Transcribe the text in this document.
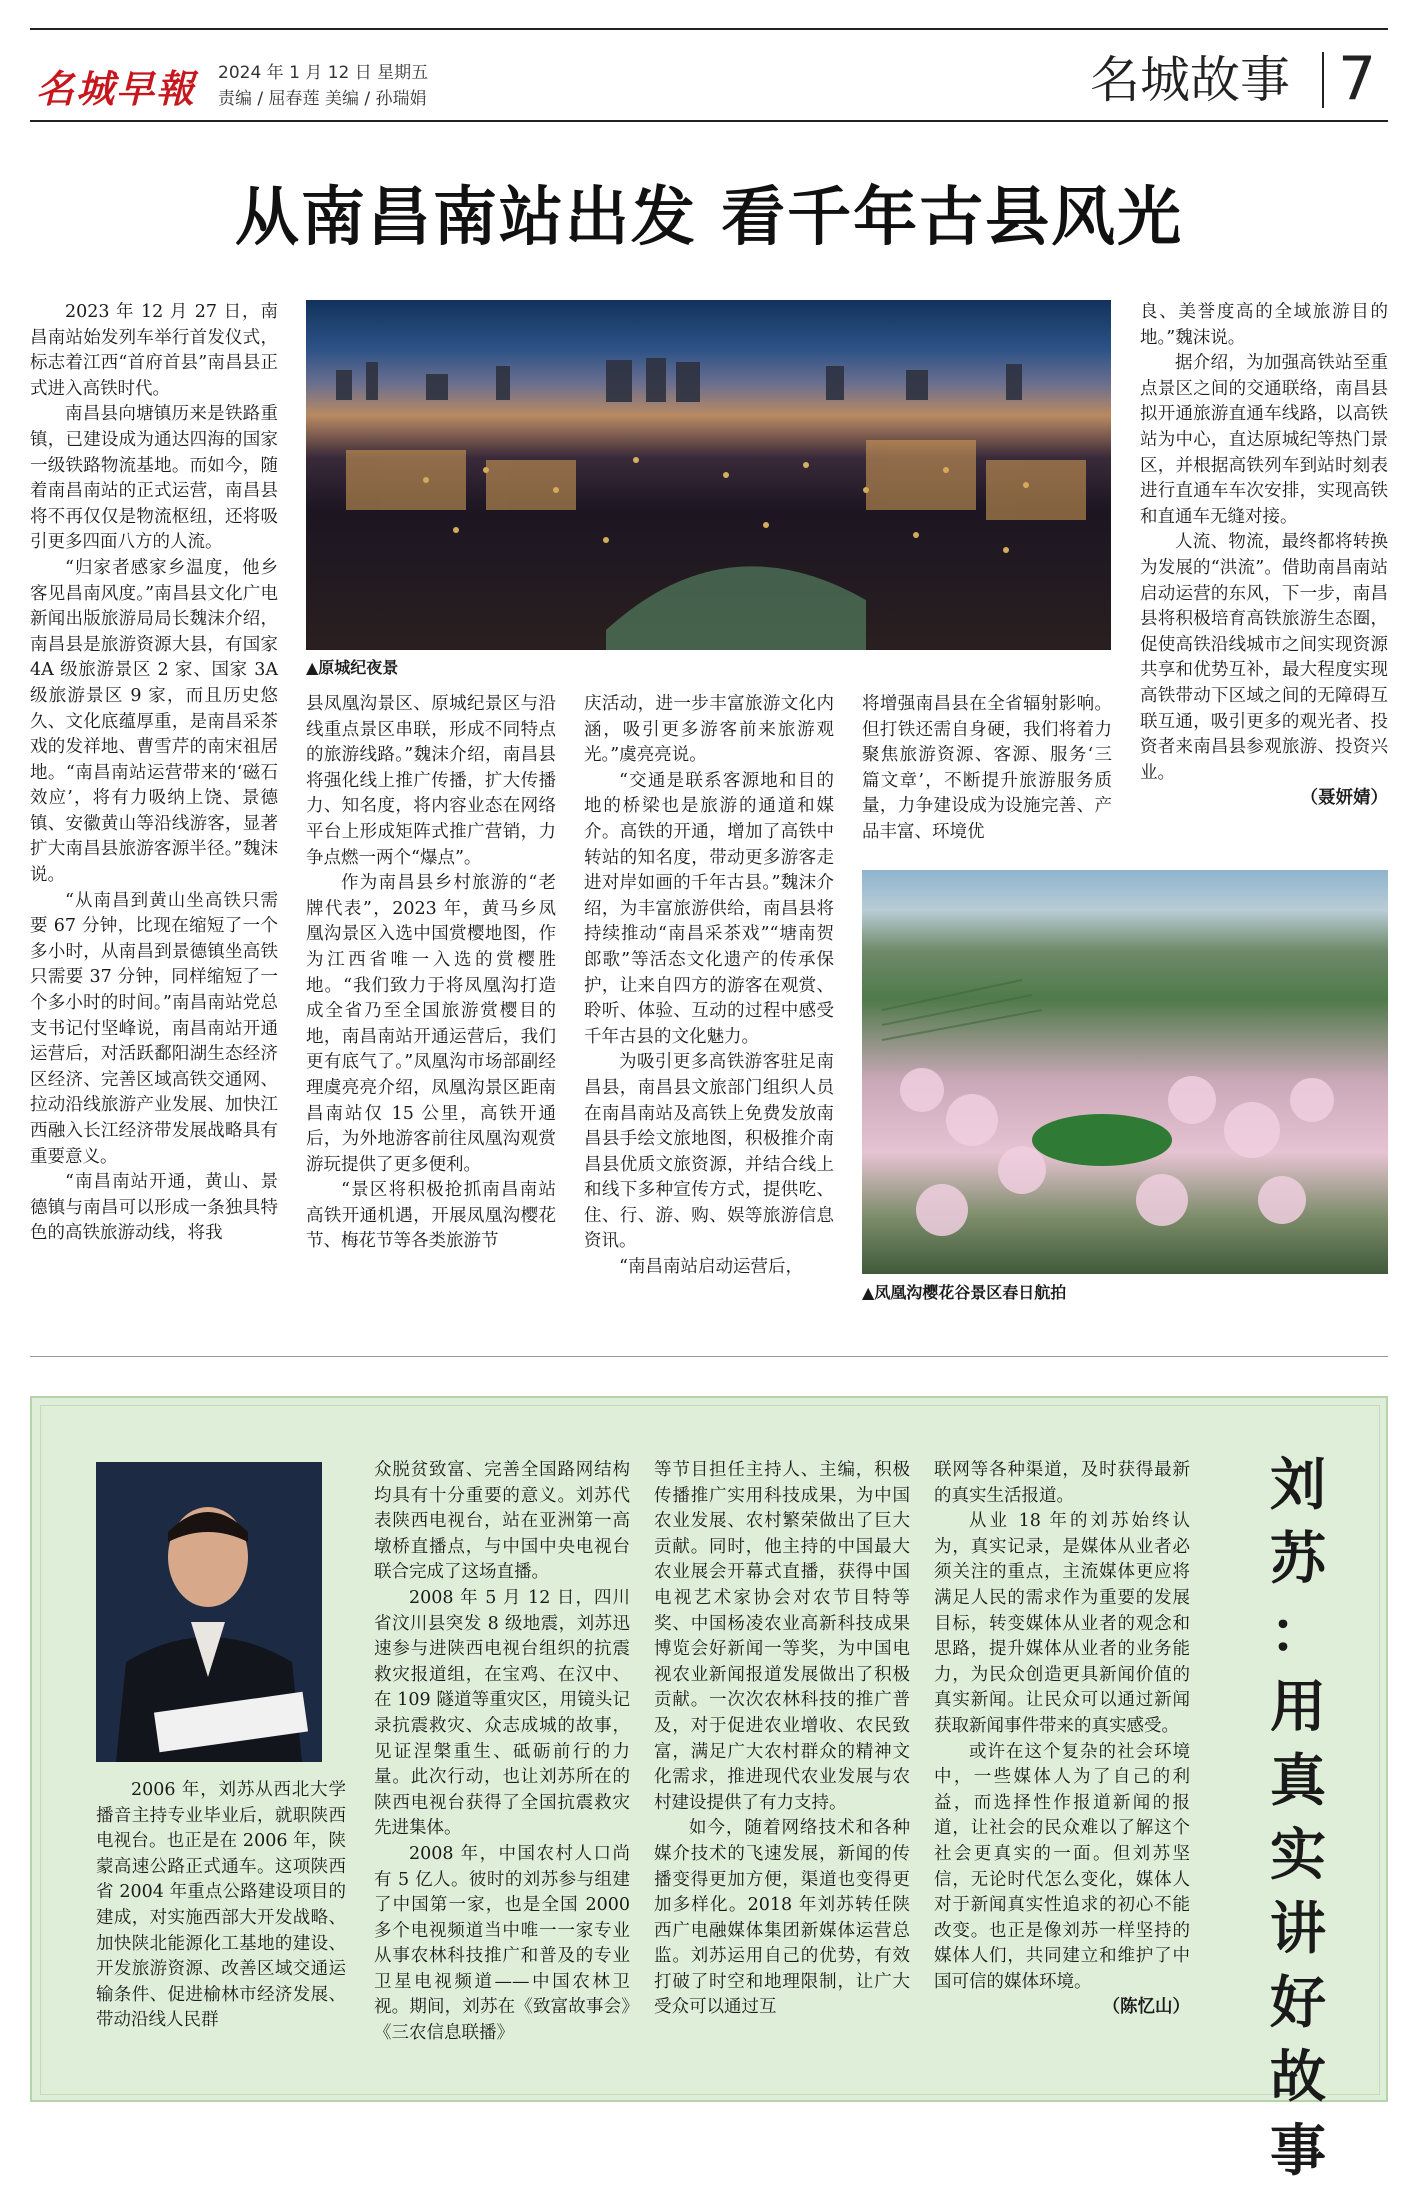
名城早報 2024 年 1 月 12 日 星期五
责编 / 屈春莲 美编 / 孙瑞娟	名城故事 7
从南昌南站出发 看千年古县风光

2023 年 12 月 27 日，南昌南站始发列车举行首发仪式，标志着江西“首府首县”南昌县正式进入高铁时代。

南昌县向塘镇历来是铁路重镇，已建设成为通达四海的国家一级铁路物流基地。而如今，随着南昌南站的正式运营，南昌县将不再仅仅是物流枢纽，还将吸引更多四面八方的人流。

“归家者感家乡温度，他乡客见昌南风度。”南昌县文化广电新闻出版旅游局局长魏沫介绍，南昌县是旅游资源大县，有国家 4A 级旅游景区 2 家、国家 3A 级旅游景区 9 家，而且历史悠久、文化底蕴厚重，是南昌采茶戏的发祥地、曹雪芹的南宋祖居地。“南昌南站运营带来的‘磁石效应’，将有力吸纳上饶、景德镇、安徽黄山等沿线游客，显著扩大南昌县旅游客源半径。”魏沫说。

“从南昌到黄山坐高铁只需要 67 分钟，比现在缩短了一个多小时，从南昌到景德镇坐高铁只需要 37 分钟，同样缩短了一个多小时的时间。”南昌南站党总支书记付坚峰说，南昌南站开通运营后，对活跃鄱阳湖生态经济区经济、完善区域高铁交通网、拉动沿线旅游产业发展、加快江西融入长江经济带发展战略具有重要意义。

“南昌南站开通，黄山、景德镇与南昌可以形成一条独具特色的高铁旅游动线，将我

▲原城纪夜景

县凤凰沟景区、原城纪景区与沿线重点景区串联，形成不同特点的旅游线路。”魏沫介绍，南昌县将强化线上推广传播，扩大传播力、知名度，将内容业态在网络平台上形成矩阵式推广营销，力争点燃一两个“爆点”。

作为南昌县乡村旅游的“老牌代表”，2023 年，黄马乡凤凰沟景区入选中国赏樱地图，作为江西省唯一入选的赏樱胜地。“我们致力于将凤凰沟打造成全省乃至全国旅游赏樱目的地，南昌南站开通运营后，我们更有底气了。”凤凰沟市场部副经理虞亮亮介绍，凤凰沟景区距南昌南站仅 15 公里，高铁开通后，为外地游客前往凤凰沟观赏游玩提供了更多便利。

“景区将积极抢抓南昌南站高铁开通机遇，开展凤凰沟樱花节、梅花节等各类旅游节

庆活动，进一步丰富旅游文化内涵，吸引更多游客前来旅游观光。”虞亮亮说。

“交通是联系客源地和目的地的桥梁也是旅游的通道和媒介。高铁的开通，增加了高铁中转站的知名度，带动更多游客走进对岸如画的千年古县。”魏沫介绍，为丰富旅游供给，南昌县将持续推动“南昌采茶戏”“塘南贺郎歌”等活态文化遗产的传承保护，让来自四方的游客在观赏、聆听、体验、互动的过程中感受千年古县的文化魅力。

为吸引更多高铁游客驻足南昌县，南昌县文旅部门组织人员在南昌南站及高铁上免费发放南昌县手绘文旅地图，积极推介南昌县优质文旅资源，并结合线上和线下多种宣传方式，提供吃、住、行、游、购、娱等旅游信息资讯。

“南昌南站启动运营后，

将增强南昌县在全省辐射影响。但打铁还需自身硬，我们将着力聚焦旅游资源、客源、服务‘三篇文章’，不断提升旅游服务质量，力争建设成为设施完善、产品丰富、环境优

良、美誉度高的全域旅游目的地。”魏沫说。

据介绍，为加强高铁站至重点景区之间的交通联络，南昌县拟开通旅游直通车线路，以高铁站为中心，直达原城纪等热门景区，并根据高铁列车到站时刻表进行直通车车次安排，实现高铁和直通车无缝对接。

人流、物流，最终都将转换为发展的“洪流”。借助南昌南站启动运营的东风，下一步，南昌县将积极培育高铁旅游生态圈，促使高铁沿线城市之间实现资源共享和优势互补，最大程度实现高铁带动下区域之间的无障碍互联互通，吸引更多的观光者、投资者来南昌县参观旅游、投资兴业。

（聂妍婧）

▲凤凰沟樱花谷景区春日航拍

2006 年，刘苏从西北大学播音主持专业毕业后，就职陕西电视台。也正是在 2006 年，陕蒙高速公路正式通车。这项陕西省 2004 年重点公路建设项目的建成，对实施西部大开发战略、加快陕北能源化工基地的建设、开发旅游资源、改善区域交通运输条件、促进榆林市经济发展、带动沿线人民群

众脱贫致富、完善全国路网结构均具有十分重要的意义。刘苏代表陕西电视台，站在亚洲第一高墩桥直播点，与中国中央电视台联合完成了这场直播。

2008 年 5 月 12 日，四川省汶川县突发 8 级地震，刘苏迅速参与进陕西电视台组织的抗震救灾报道组，在宝鸡、在汉中、在 109 隧道等重灾区，用镜头记录抗震救灾、众志成城的故事，见证涅槃重生、砥砺前行的力量。此次行动，也让刘苏所在的陕西电视台获得了全国抗震救灾先进集体。

2008 年，中国农村人口尚有 5 亿人。彼时的刘苏参与组建了中国第一家，也是全国 2000 多个电视频道当中唯一一家专业从事农林科技推广和普及的专业卫星电视频道——中国农林卫视。期间，刘苏在《致富故事会》《三农信息联播》

等节目担任主持人、主编，积极传播推广实用科技成果，为中国农业发展、农村繁荣做出了巨大贡献。同时，他主持的中国最大农业展会开幕式直播，获得中国电视艺术家协会对农节目特等奖、中国杨凌农业高新科技成果博览会好新闻一等奖，为中国电视农业新闻报道发展做出了积极贡献。一次次农林科技的推广普及，对于促进农业增收、农民致富，满足广大农村群众的精神文化需求，推进现代农业发展与农村建设提供了有力支持。

如今，随着网络技术和各种媒介技术的飞速发展，新闻的传播变得更加方便，渠道也变得更加多样化。2018 年刘苏转任陕西广电融媒体集团新媒体运营总监。刘苏运用自己的优势，有效打破了时空和地理限制，让广大受众可以通过互

联网等各种渠道，及时获得最新的真实生活报道。

从业 18 年的刘苏始终认为，真实记录，是媒体从业者必须关注的重点，主流媒体更应将满足人民的需求作为重要的发展目标，转变媒体从业者的观念和思路，提升媒体从业者的业务能力，为民众创造更具新闻价值的真实新闻。让民众可以通过新闻获取新闻事件带来的真实感受。

或许在这个复杂的社会环境中，一些媒体人为了自己的利益，而选择性作报道新闻的报道，让社会的民众难以了解这个社会更真实的一面。但刘苏坚信，无论时代怎么变化，媒体人对于新闻真实性追求的初心不能改变。也正是像刘苏一样坚持的媒体人们，共同建立和维护了中国可信的媒体环境。

（陈忆山）

刘
苏
：
用
真
实
讲
好
故
事
